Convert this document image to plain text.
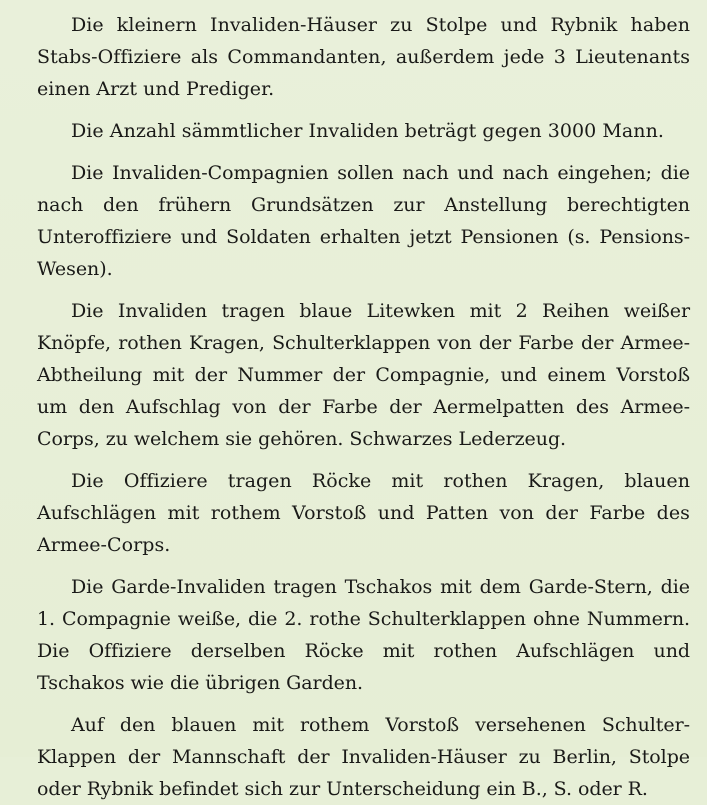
Die kleinern Invaliden-Häuser zu Stolpe und Rybnik haben Stabs-Offiziere als Commandanten, außerdem jede 3 Lieutenants einen Arzt und Prediger.

Die Anzahl sämmtlicher Invaliden beträgt gegen 3000 Mann.

Die Invaliden-Compagnien sollen nach und nach eingehen; die nach den frühern Grundsätzen zur Anstellung berechtigten Unteroffiziere und Soldaten erhalten jetzt Pensionen (s. Pensions-Wesen).

Die Invaliden tragen blaue Litewken mit 2 Reihen weißer Knöpfe, rothen Kragen, Schulterklappen von der Farbe der Armee-Abtheilung mit der Nummer der Compagnie, und einem Vorstoß um den Aufschlag von der Farbe der Aermelpatten des Armee-Corps, zu welchem sie gehören. Schwarzes Lederzeug.

Die Offiziere tragen Röcke mit rothen Kragen, blauen Aufschlägen mit rothem Vorstoß und Patten von der Farbe des Armee-Corps.

Die Garde-Invaliden tragen Tschakos mit dem Garde-Stern, die 1. Compagnie weiße, die 2. rothe Schulterklappen ohne Nummern. Die Offiziere derselben Röcke mit rothen Aufschlägen und Tschakos wie die übrigen Garden.

Auf den blauen mit rothem Vorstoß versehenen Schulter-Klappen der Mannschaft der Invaliden-Häuser zu Berlin, Stolpe oder Rybnik befindet sich zur Unterscheidung ein B., S. oder R.
